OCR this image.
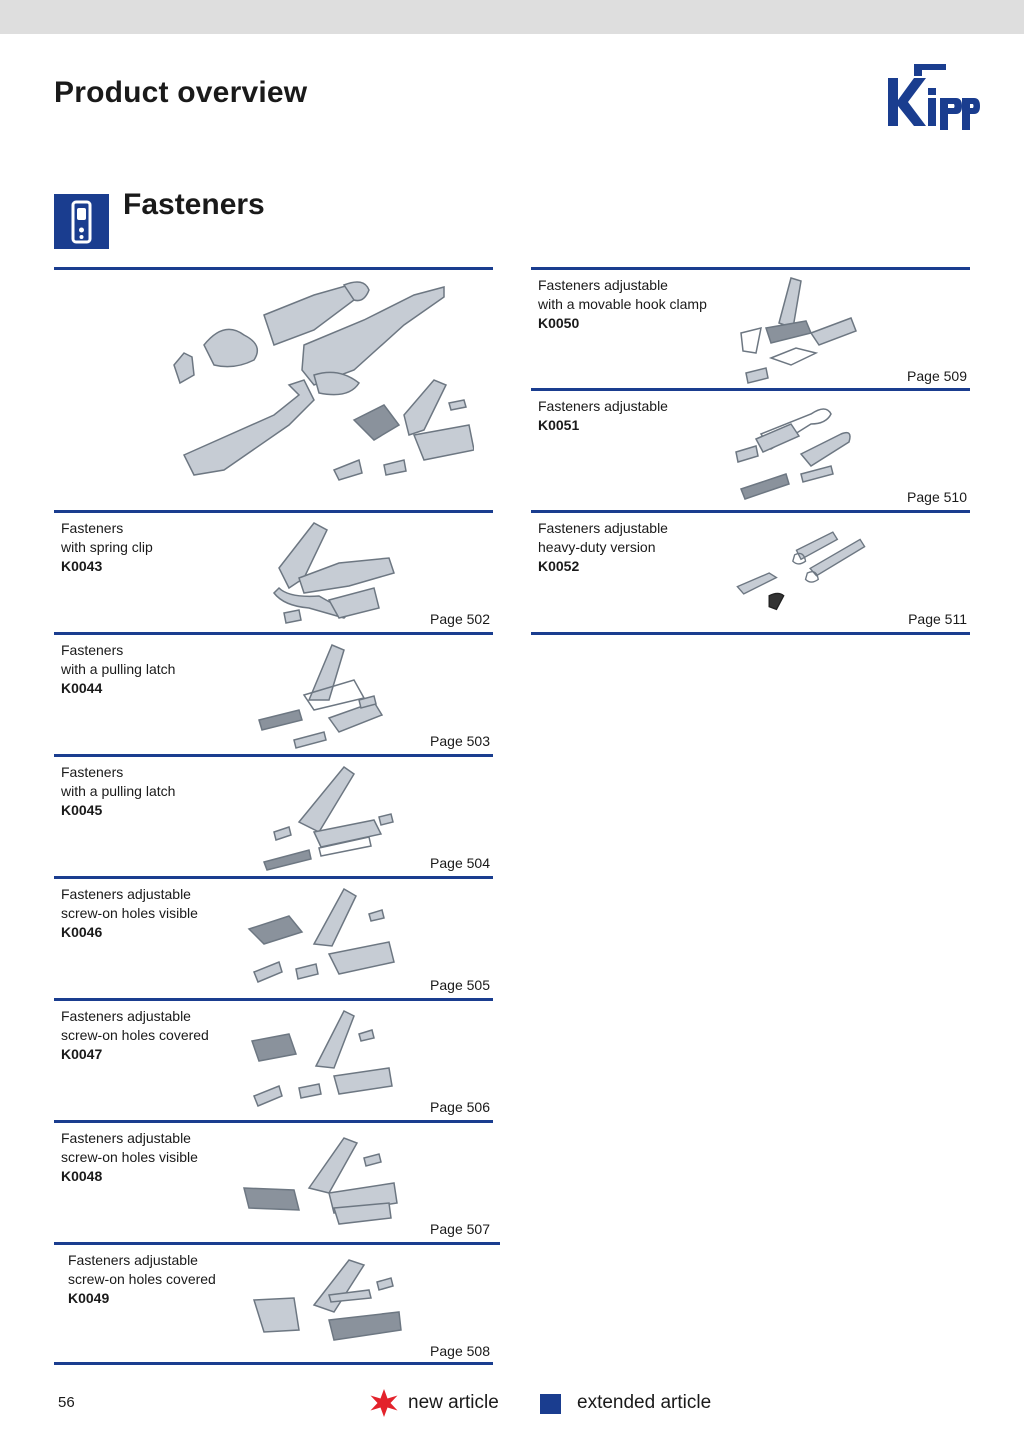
Product overview
Fasteners
Fasteners
with spring clip
K0043
Page 502
Fasteners
with a pulling latch
K0044
Page 503
Fasteners
with a pulling latch
K0045
Page 504
Fasteners adjustable
screw-on holes visible
K0046
Page 505
Fasteners adjustable
screw-on holes covered
K0047
Page 506
Fasteners adjustable
screw-on holes visible
K0048
Page 507
Fasteners adjustable
screw-on holes covered
K0049
Page 508
Fasteners adjustable
with a movable hook clamp
K0050
Page 509
Fasteners adjustable
K0051
Page 510
Fasteners adjustable
heavy-duty version
K0052
Page 511
56	new article	extended article
